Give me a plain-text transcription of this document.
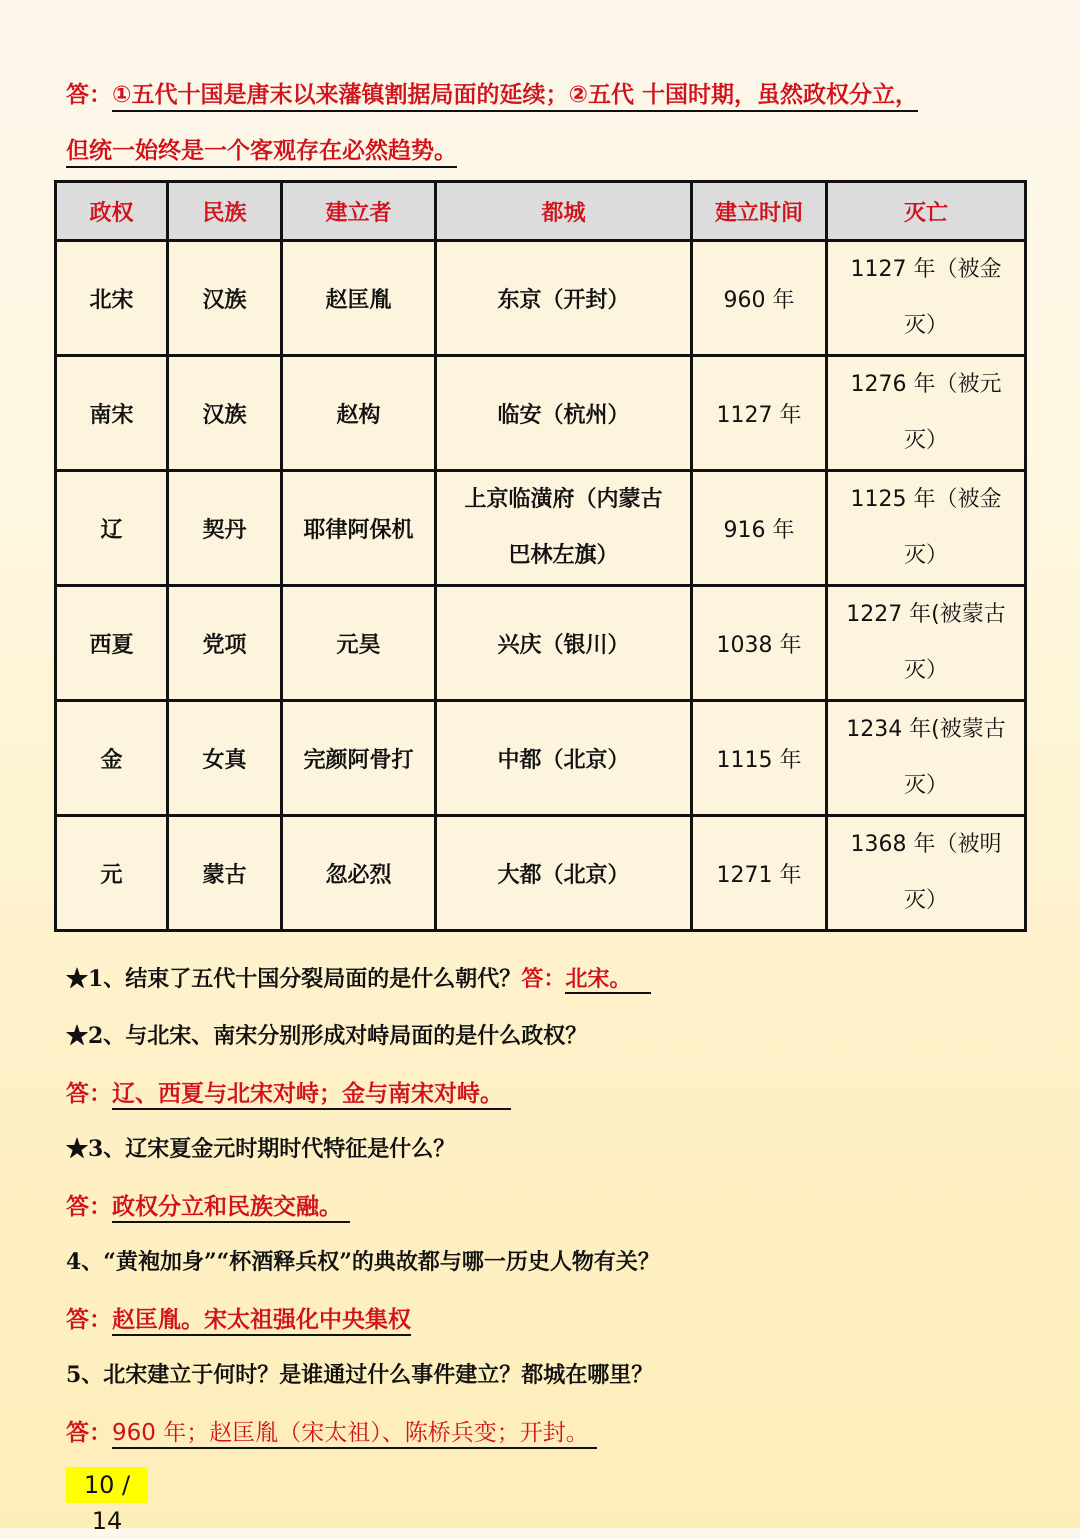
答：①五代十国是唐末以来藩镇割据局面的延续；②五代 十国时期，虽然政权分立，
但统一始终是一个客观存在必然趋势。
政权	民族	建立者	都城	建立时间	灭亡
北宋	汉族	赵匡胤	东京（开封）	960 年	1127 年（被金
灭）

南宋	汉族	赵构	临安（杭州）	1127 年	1276 年（被元
灭）

辽	契丹	耶律阿保机	上京临潢府（内蒙古
巴林左旗）	916 年	1125 年（被金
灭）

西夏	党项	元昊	兴庆（银川）	1038 年	1227 年(被蒙古
灭）

金	女真	完颜阿骨打	中都（北京）	1115 年	1234 年(被蒙古
灭）

元	蒙古	忽必烈	大都（北京）	1271 年	1368 年（被明
灭）
★1、结束了五代十国分裂局面的是什么朝代？答：北宋。
★2、与北宋、南宋分别形成对峙局面的是什么政权？
答：辽、西夏与北宋对峙；金与南宋对峙。
★3、辽宋夏金元时期时代特征是什么？
答：政权分立和民族交融。
4、“黄袍加身”“杯酒释兵权”的典故都与哪一历史人物有关？
答：赵匡胤。宋太祖强化中央集权
5、北宋建立于何时？是谁通过什么事件建立？都城在哪里？
答：960 年；赵匡胤（宋太祖）、陈桥兵变；开封。
10 / 14
